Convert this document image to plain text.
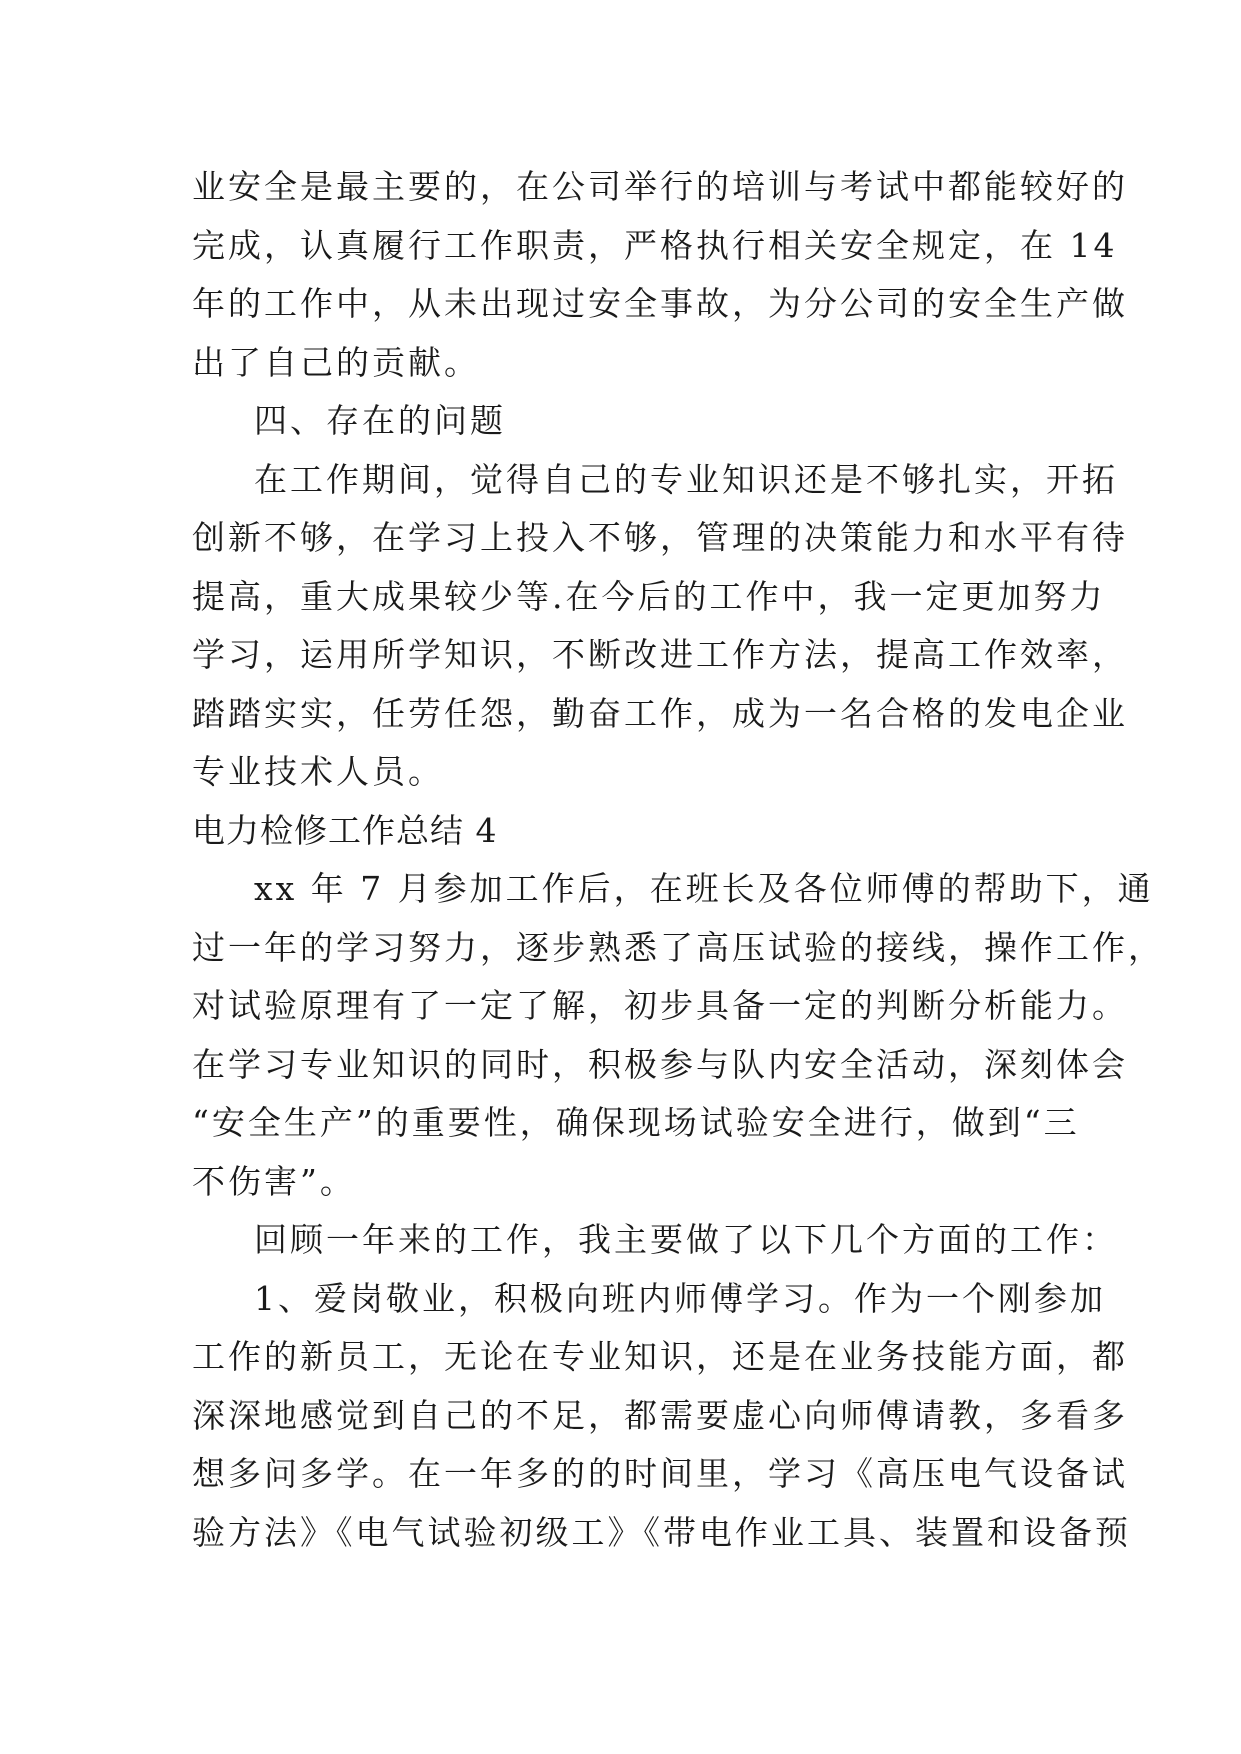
业安全是最主要的，在公司举行的培训与考试中都能较好的
完成，认真履行工作职责，严格执行相关安全规定，在 14
年的工作中，从未出现过安全事故，为分公司的安全生产做
出了自己的贡献。
四、存在的问题
在工作期间，觉得自己的专业知识还是不够扎实，开拓
创新不够，在学习上投入不够，管理的决策能力和水平有待
提高，重大成果较少等.在今后的工作中，我一定更加努力
学习，运用所学知识，不断改进工作方法，提高工作效率，
踏踏实实，任劳任怨，勤奋工作，成为一名合格的发电企业
专业技术人员。
电力检修工作总结 4
xx 年 7 月参加工作后，在班长及各位师傅的帮助下，通
过一年的学习努力，逐步熟悉了高压试验的接线，操作工作，
对试验原理有了一定了解，初步具备一定的判断分析能力。
在学习专业知识的同时，积极参与队内安全活动，深刻体会
“安全生产”的重要性，确保现场试验安全进行，做到“三
不伤害”。
回顾一年来的工作，我主要做了以下几个方面的工作：
1、爱岗敬业，积极向班内师傅学习。作为一个刚参加
工作的新员工，无论在专业知识，还是在业务技能方面，都
深深地感觉到自己的不足，都需要虚心向师傅请教，多看多
想多问多学。在一年多的的时间里，学习《高压电气设备试
验方法》《电气试验初级工》《带电作业工具、装置和设备预
